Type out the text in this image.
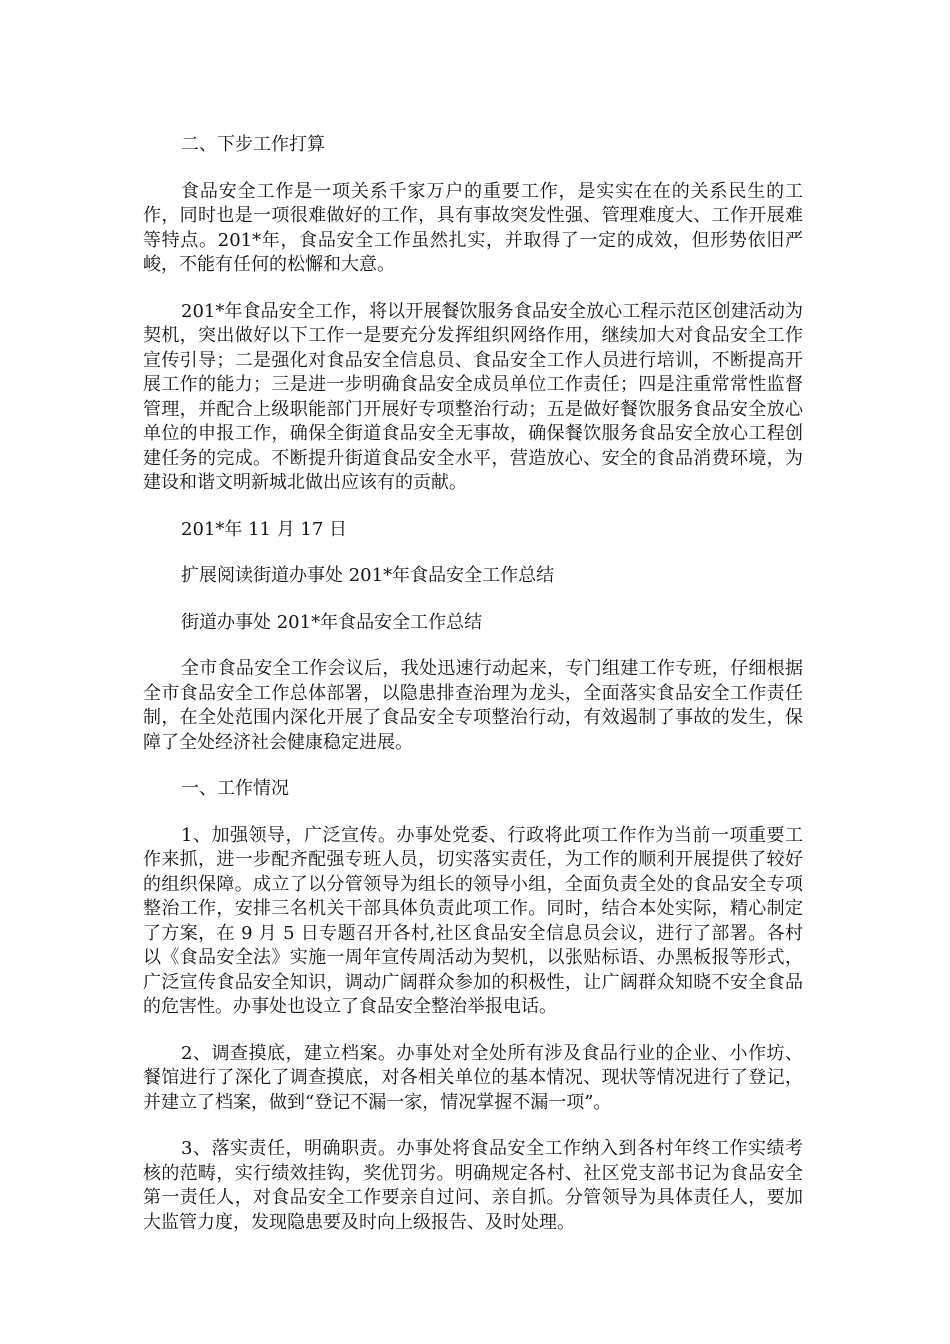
二、下步工作打算

食品安全工作是一项关系千家万户的重要工作，是实实在在的关系民生的工作，同时也是一项很难做好的工作，具有事故突发性强、管理难度大、工作开展难等特点。201*年，食品安全工作虽然扎实，并取得了一定的成效，但形势依旧严峻，不能有任何的松懈和大意。

201*年食品安全工作，将以开展餐饮服务食品安全放心工程示范区创建活动为契机，突出做好以下工作一是要充分发挥组织网络作用，继续加大对食品安全工作宣传引导；二是强化对食品安全信息员、食品安全工作人员进行培训，不断提高开展工作的能力；三是进一步明确食品安全成员单位工作责任；四是注重常常性监督管理，并配合上级职能部门开展好专项整治行动；五是做好餐饮服务食品安全放心单位的申报工作，确保全街道食品安全无事故，确保餐饮服务食品安全放心工程创建任务的完成。不断提升街道食品安全水平，营造放心、安全的食品消费环境，为建设和谐文明新城北做出应该有的贡献。

201*年 11 月 17 日

扩展阅读街道办事处 201*年食品安全工作总结

街道办事处 201*年食品安全工作总结

全市食品安全工作会议后，我处迅速行动起来，专门组建工作专班，仔细根据全市食品安全工作总体部署，以隐患排查治理为龙头，全面落实食品安全工作责任制，在全处范围内深化开展了食品安全专项整治行动，有效遏制了事故的发生，保障了全处经济社会健康稳定进展。

一、工作情况

1、加强领导，广泛宣传。办事处党委、行政将此项工作作为当前一项重要工作来抓，进一步配齐配强专班人员，切实落实责任，为工作的顺利开展提供了较好的组织保障。成立了以分管领导为组长的领导小组，全面负责全处的食品安全专项整治工作，安排三名机关干部具体负责此项工作。同时，结合本处实际，精心制定了方案，在 9 月 5 日专题召开各村,社区食品安全信息员会议，进行了部署。各村以《食品安全法》实施一周年宣传周活动为契机，以张贴标语、办黑板报等形式，广泛宣传食品安全知识，调动广阔群众参加的积极性，让广阔群众知晓不安全食品的危害性。办事处也设立了食品安全整治举报电话。

2、调查摸底，建立档案。办事处对全处所有涉及食品行业的企业、小作坊、餐馆进行了深化了调查摸底，对各相关单位的基本情况、现状等情况进行了登记，并建立了档案，做到“登记不漏一家，情况掌握不漏一项”。

3、落实责任，明确职责。办事处将食品安全工作纳入到各村年终工作实绩考核的范畴，实行绩效挂钩，奖优罚劣。明确规定各村、社区党支部书记为食品安全第一责任人，对食品安全工作要亲自过问、亲自抓。分管领导为具体责任人，要加大监管力度，发现隐患要及时向上级报告、及时处理。
